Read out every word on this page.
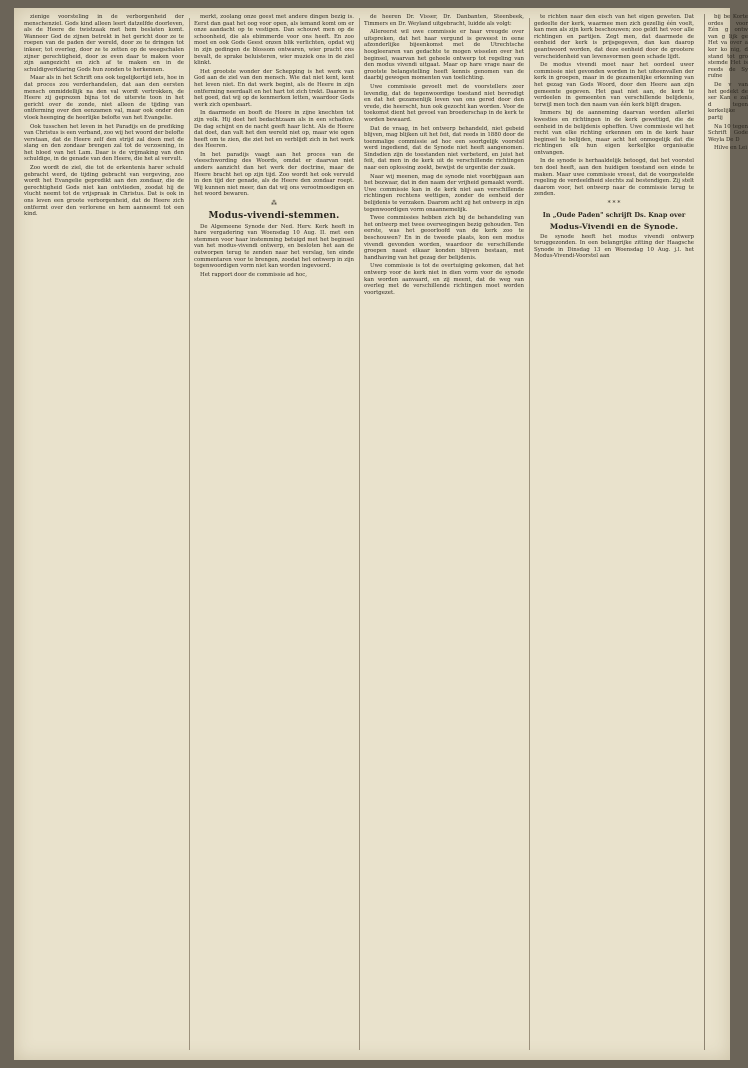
zienige voorsteling in de verborgenheid der menschenziel. Gods kind alleen leert datzelfde doorleven, als de Heere de twistzaak met hem beslaten komt. Wanneer God de zijnen betrekt in het gericht door ze te roepen van de paden der wereld, door ze te dringen tot inkeer, tot overleg, door ze te zetten op de weegschalen zijner gerechtigheid, door ze even daar te maken voor zijn aangezicht en zich af te maken en in de schuldigverklaring Gods hun zonden te herkennen.

Maar als in het Schrift ons ook tegelijkertijd iets, hoe in dat proces zou verderhandelen, dat aan den eersten mensch onmiddellijk na den val wordt vertrokken, de Heere zij geprezen bijna tot de uiterste toon in het gericht over de zonde, niet alleen de tijding van ontferming over den eenzamen val, maar ook onder den vloek heenging de heerlijke belofte van het Evangelie.

Ook tusschen het leven in het Paradijs en de prediking van Christus is een verband, zoo wij het woord der belofte verstaan, dat de Heere zelf den strijd zal doen met de slang en den zondaar brengen zal tot de verzoening, in het bloed van het Lam. Daar is de vrijmaking van den schuldige, in de genade van den Heere, die het al vervult.

Zoo wordt de ziel, die tot de erkentenis harer schuld gebracht werd, de tijding gebracht van vergeving, zoo wordt het Evangelie gepredikt aan den zondaar, die de gerechtigheid Gods niet kan ontvlieden, zoodat hij de vlucht neemt tot de vrijspraak in Christus. Dat is ook in ons leven een groote verborgenheid, dat de Heere zich ontfermt over den verlorene en hem aanneemt tot een kind.

merkt, zoolang onze geest met andere dingen bezig is. Eerst dan gaat het oog voor open, als iemand komt om er onze aandacht op te vestigen. Dan schouwt men op de schoonheid, die als ebimmerde voor ons heeft. En zoo moet en ook Gods Geest onzen blik verlichten, opdat wij in zijn gedingen de blossom ontwaren, wier pracht ons bevalt, de sprake beluisteren, wier muziek ons in de ziel klinkt.

Het grootste wonder der Schepping is het werk van God aan de ziel van den mensch. Wie dat niet kent, kent het leven niet. En dat werk begint, als de Heere in zijn ontferming neerdaalt en het hart tot zich trekt. Daarom is het goed, dat wij op de kenmerken letten, waardoor Gods werk zich openbaart.

In daarmede en booft de Heere in zijne knechten tot zijn volk. Hij doet het bedachtzaam als in een schaduw. De dag schijnt en de nacht geeft haar licht. Als de Heere dat doet, dan valt het den wereld niet op, maar wie ogen heeft om te zien, die ziet het en verblijdt zich in het werk des Heeren.

In het paradijs vaagt aan het proces van de vleeschwording des Woords, omdat er daarvan niet anders aanzicht dan het werk der doctrine, maar de Heere bracht het op zijn tijd. Zoo wordt het ook vervuld in den tijd der genade, als de Heere den zondaar roept. Wij kunnen niet meer, dan dat wij ons verootmoedigen en het woord bewaren.

⁂

Modus-vivendi-stemmen.

De Algemeene Synode der Ned. Herv. Kerk heeft in hare vergadering van Woensdag 10 Aug. II. met een stemmen voor haar instemming betuigd met het beginsel van het modus-vivendi ontwerp, en besloten het aan de outworpen terug te zenden naar het verslag, ten einde commentaren voor te brengen, zoodat het ontwerp in zijn tegenwoordigen vorm niet kan worden ingevoerd.

Het rapport door de commissie ad hoc,

de heeren Dr. Visser, Dr. Danbanten, Steenbeek, Timmers en Dr. Weyland uitgebracht, luidde als volgt:

Allereerst wil uwe commissie er haar vreugde over uitspreken, dat het haar vergund is geweest in eene afzonderlijke bijeenkomst met de Utrechtsche hoogleeraren van gedachte te mogen wisselen over het beginsel, waarvan het geheele ontwerp tot regeling van den modus vivendi uitgaat. Maar op hare vrage naar de grootste belangstelling heeft kennis genomen van de daarbij gewogen momenten van toelichting.

Uwe commissie gevoelt met de voorstellers zeer levendig, dat de tegenwoordige toestand niet bevredigt en dat het gezamenlijk leven van ons gered door den vrede, die heerscht, hun ook gezocht kan worden. Voor de toekomst dient het gevoel van broederschap in de kerk te worden bewaard.

Dat de vraag, in het ontwerp behandeld, niet gebeid blijven, mag blijken uit het feit, dat reeds in 1880 door de toenmalige commissie ad hoc een soortgelijk voorstel werd ingediend, dat de Synode niet heeft aangenomen. Sindsdien zijn de toestanden niet verbeterd, en juist het feit, dat men in de kerk uit de verschillende richtingen naar een oplossing zoekt, bewijst de urgentie der zaak.

Naar wij meenen, mag de synode niet voorbijgaan aan het bezwaar, dat in den naam der vrijheid gemaakt wordt. Uwe commissie kan in de kerk niet aan verschillende richtingen rechtens wettigen, zonder de eenheid der belijdenis te verzaken. Daarom acht zij het ontwerp in zijn tegenwoordigen vorm onaannemelijk.

Twee commissies hebben zich bij de behandeling van het ontwerp met twee overwegingen bezig gehouden. Ten eerste, was het geoorloofd van de kerk zoo te beschouwen? En in de tweede plaats, kon een modus vivendi gevonden worden, waardoor de verschillende groepen naast elkaar konden blijven bestaan, met handhaving van het gezag der belijdenis.

Uwe commissie is tot de overtuiging gekomen, dat het ontwerp voor de kerk niet in dien vorm voor de synode kan worden aanvaard, en zij meent, dat de weg van overleg met de verschillende richtingen moet worden voortgezet.

te richten naar den eisch van het eigen geweten. Dat gedeelte der kerk, waarmee men zich gezellig één voelt, kan men als zijn kerk beschouwen; zoo geldt het voor alle richtingen en partijen. Zegt men, dat daarmede de eenheid der kerk is prijsgegeven, dan kan daarop geantwoord worden, dat deze eenheid door de grootere verscheidenheid van levensvormen geen schade lijdt.

De modus vivendi moet naar het oordeel uwer commissie niet gevonden worden in het uiteenvallen der kerk in groepen, maar in de gezamenlijke erkenning van het gezag van Gods Woord, door den Heere aan zijn gemeente gegeven. Het gaat niet aan, de kerk te verdeelen in gemeenten van verschillende belijdenis, terwijl men toch den naam van één kerk blijft dragen.

Immers bij de aanneming daarvan worden allerlei kwesties en richtingen in de kerk gewettigd, die de eenheid in de belijdenis opheffen. Uwe commissie wil het recht van elke richting erkennen om in de kerk haar beginsel te belijden, maar acht het onmogelijk dat die richtingen elk hun eigen kerkelijke organisatie ontvangen.

In de synode is herhaaldelijk betoogd, dat het voorstel ten doel heeft, aan den huidigen toestand een einde te maken. Maar uwe commissie vreest, dat de voorgestelde regeling de verdeeldheid slechts zal bestendigen. Zij stelt daarom voor, het ontwerp naar de commissie terug te zenden.

* * *

In „Oude Paden" schrijft Ds. Knap over

Modus-Vivendi en de Synode.

De synode heeft het modus vivendi ontwerp teruggezonden. In een belangrijke zitting der Haagsche Synode in Dinsdag 13 en Woensdag 10 Aug. j.l. het Modus-Vivendi-Voorstel aan

bij be Korte ordes voor Eén g ontw van g lijk ge Het va over a ker ko nig, d stand tot gro stemde Het is reeds de Sy ruïne

De v van het gedekt de ser Kan e zal d tegen kerkelijke partij

Na 10 tegen Schrift Gode Weyla De D

Hilve en Lei
